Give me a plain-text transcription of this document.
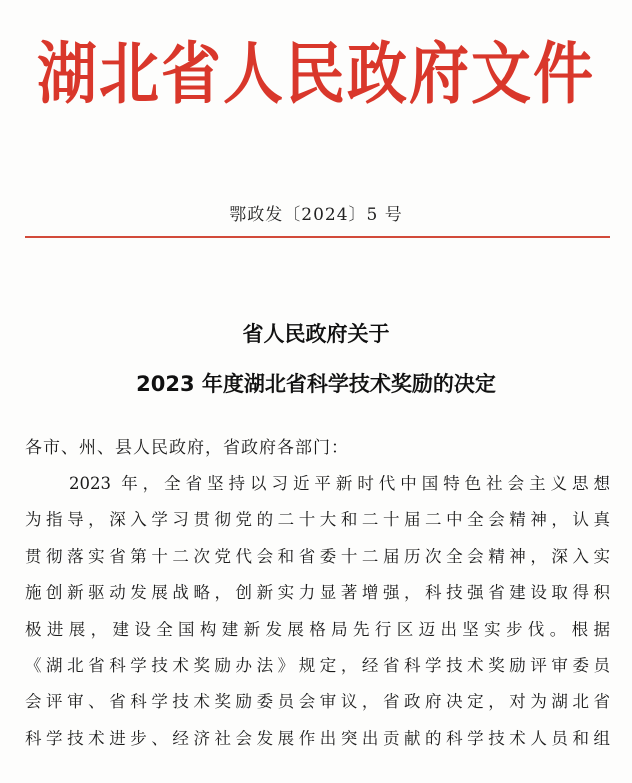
湖北省人民政府文件
鄂政发〔2024〕5 号
省人民政府关于
2023 年度湖北省科学技术奖励的决定
各市、州、县人民政府，省政府各部门：
2023 年，全省坚持以习近平新时代中国特色社会主义思想
为指导，深入学习贯彻党的二十大和二十届二中全会精神，认真
贯彻落实省第十二次党代会和省委十二届历次全会精神，深入实
施创新驱动发展战略，创新实力显著增强，科技强省建设取得积
极进展，建设全国构建新发展格局先行区迈出坚实步伐。根据
《湖北省科学技术奖励办法》规定，经省科学技术奖励评审委员
会评审、省科学技术奖励委员会审议，省政府决定，对为湖北省
科学技术进步、经济社会发展作出突出贡献的科学技术人员和组
